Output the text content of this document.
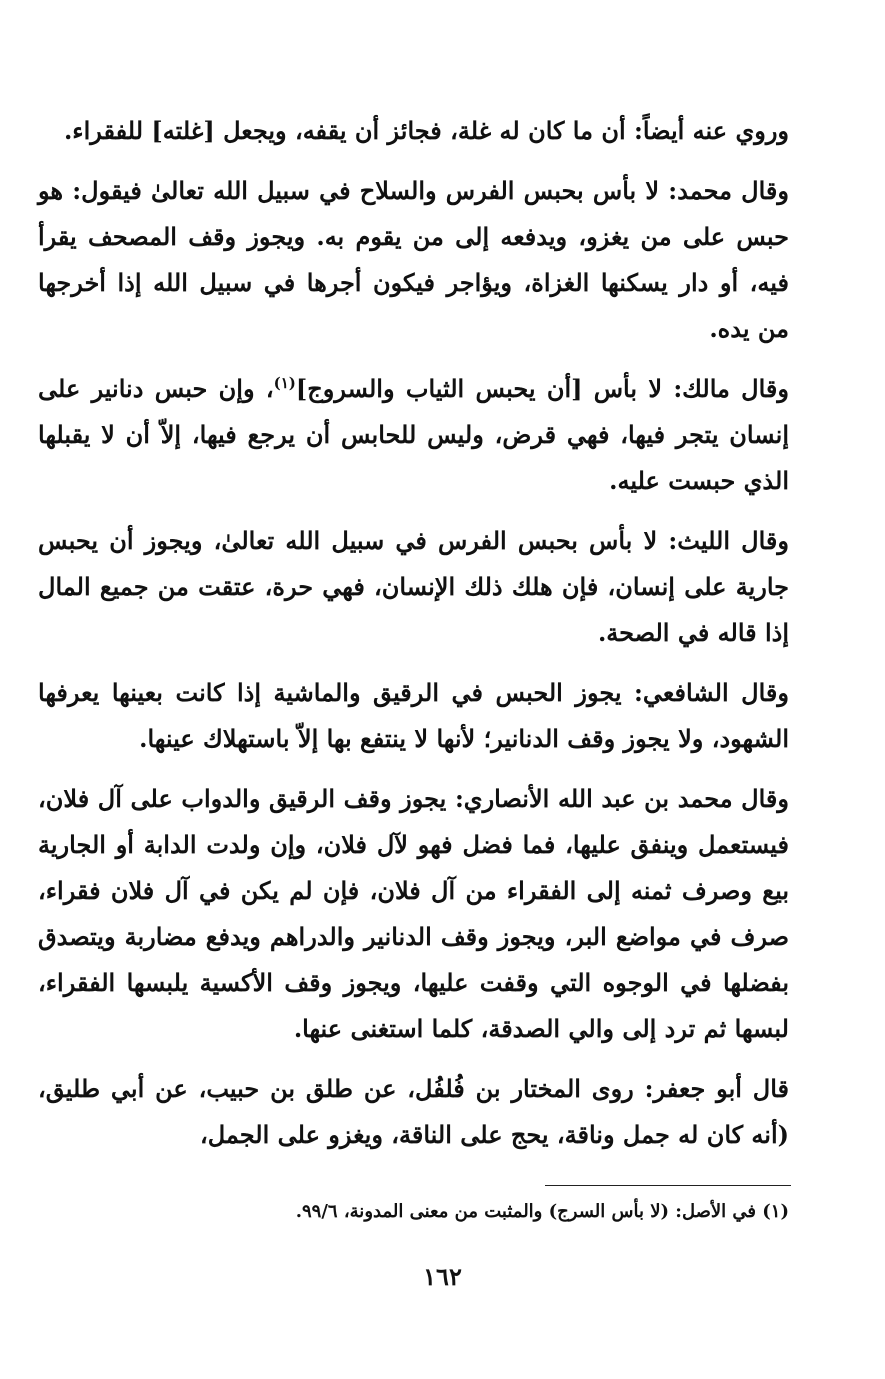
وروي عنه أيضاً: أن ما كان له غلة، فجائز أن يقفه، ويجعل [غلته] للفقراء.

وقال محمد: لا بأس بحبس الفرس والسلاح في سبيل الله تعالىٰ فيقول: هو حبس على من يغزو، ويدفعه إلى من يقوم به. ويجوز وقف المصحف يقرأ فيه، أو دار يسكنها الغزاة، ويؤاجر فيكون أجرها في سبيل الله إذا أخرجها من يده.

وقال مالك: لا بأس [أن يحبس الثياب والسروج]$^{(١)}$، وإن حبس دنانير على إنسان يتجر فيها، فهي قرض، وليس للحابس أن يرجع فيها، إلاّ أن لا يقبلها الذي حبست عليه.

وقال الليث: لا بأس بحبس الفرس في سبيل الله تعالىٰ، ويجوز أن يحبس جارية على إنسان، فإن هلك ذلك الإنسان، فهي حرة، عتقت من جميع المال إذا قاله في الصحة.

وقال الشافعي: يجوز الحبس في الرقيق والماشية إذا كانت بعينها يعرفها الشهود، ولا يجوز وقف الدنانير؛ لأنها لا ينتفع بها إلاّ باستهلاك عينها.

وقال محمد بن عبد الله الأنصاري: يجوز وقف الرقيق والدواب على آل فلان، فيستعمل وينفق عليها، فما فضل فهو لآل فلان، وإن ولدت الدابة أو الجارية بيع وصرف ثمنه إلى الفقراء من آل فلان، فإن لم يكن في آل فلان فقراء، صرف في مواضع البر، ويجوز وقف الدنانير والدراهم ويدفع مضاربة ويتصدق بفضلها في الوجوه التي وقفت عليها، ويجوز وقف الأكسية يلبسها الفقراء، لبسها ثم ترد إلى والي الصدقة، كلما استغنى عنها.

قال أبو جعفر: روى المختار بن فُلفُل، عن طلق بن حبيب، عن أبي طليق، (أنه كان له جمل وناقة، يحج على الناقة، ويغزو على الجمل،

(١) في الأصل: (لا بأس السرج) والمثبت من معنى المدونة، ٩٩/٦.

١٦٢
